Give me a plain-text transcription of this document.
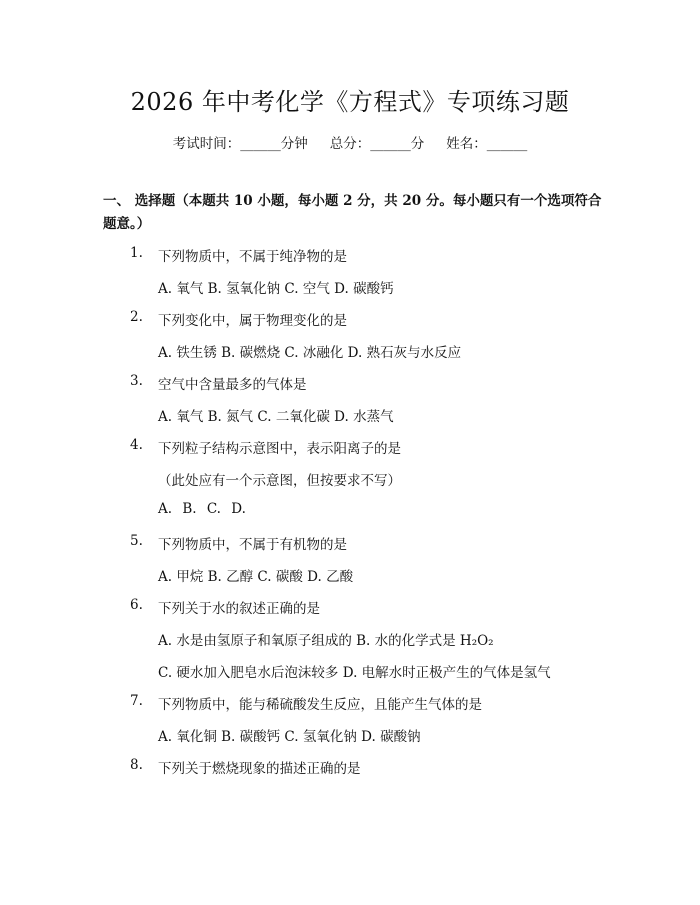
2026 年中考化学《方程式》专项练习题
考试时间：______分钟 总分：______分 姓名：______
一、 选择题（本题共 10 小题，每小题 2 分，共 20 分。每小题只有一个选项符合题意。）
1.	下列物质中，不属于纯净物的是
A. 氧气 B. 氢氧化钠 C. 空气 D. 碳酸钙
2.	下列变化中，属于物理变化的是
A. 铁生锈 B. 碳燃烧 C. 冰融化 D. 熟石灰与水反应
3.	空气中含量最多的气体是
A. 氧气 B. 氮气 C. 二氧化碳 D. 水蒸气
4.	下列粒子结构示意图中，表示阳离子的是
（此处应有一个示意图，但按要求不写）
A. B. C. D.
5.	下列物质中，不属于有机物的是
A. 甲烷 B. 乙醇 C. 碳酸 D. 乙酸
6.	下列关于水的叙述正确的是
A. 水是由氢原子和氧原子组成的 B. 水的化学式是 H₂O₂
C. 硬水加入肥皂水后泡沫较多 D. 电解水时正极产生的气体是氢气
7.	下列物质中，能与稀硫酸发生反应，且能产生气体的是
A. 氧化铜 B. 碳酸钙 C. 氢氧化钠 D. 碳酸钠
8.	下列关于燃烧现象的描述正确的是
